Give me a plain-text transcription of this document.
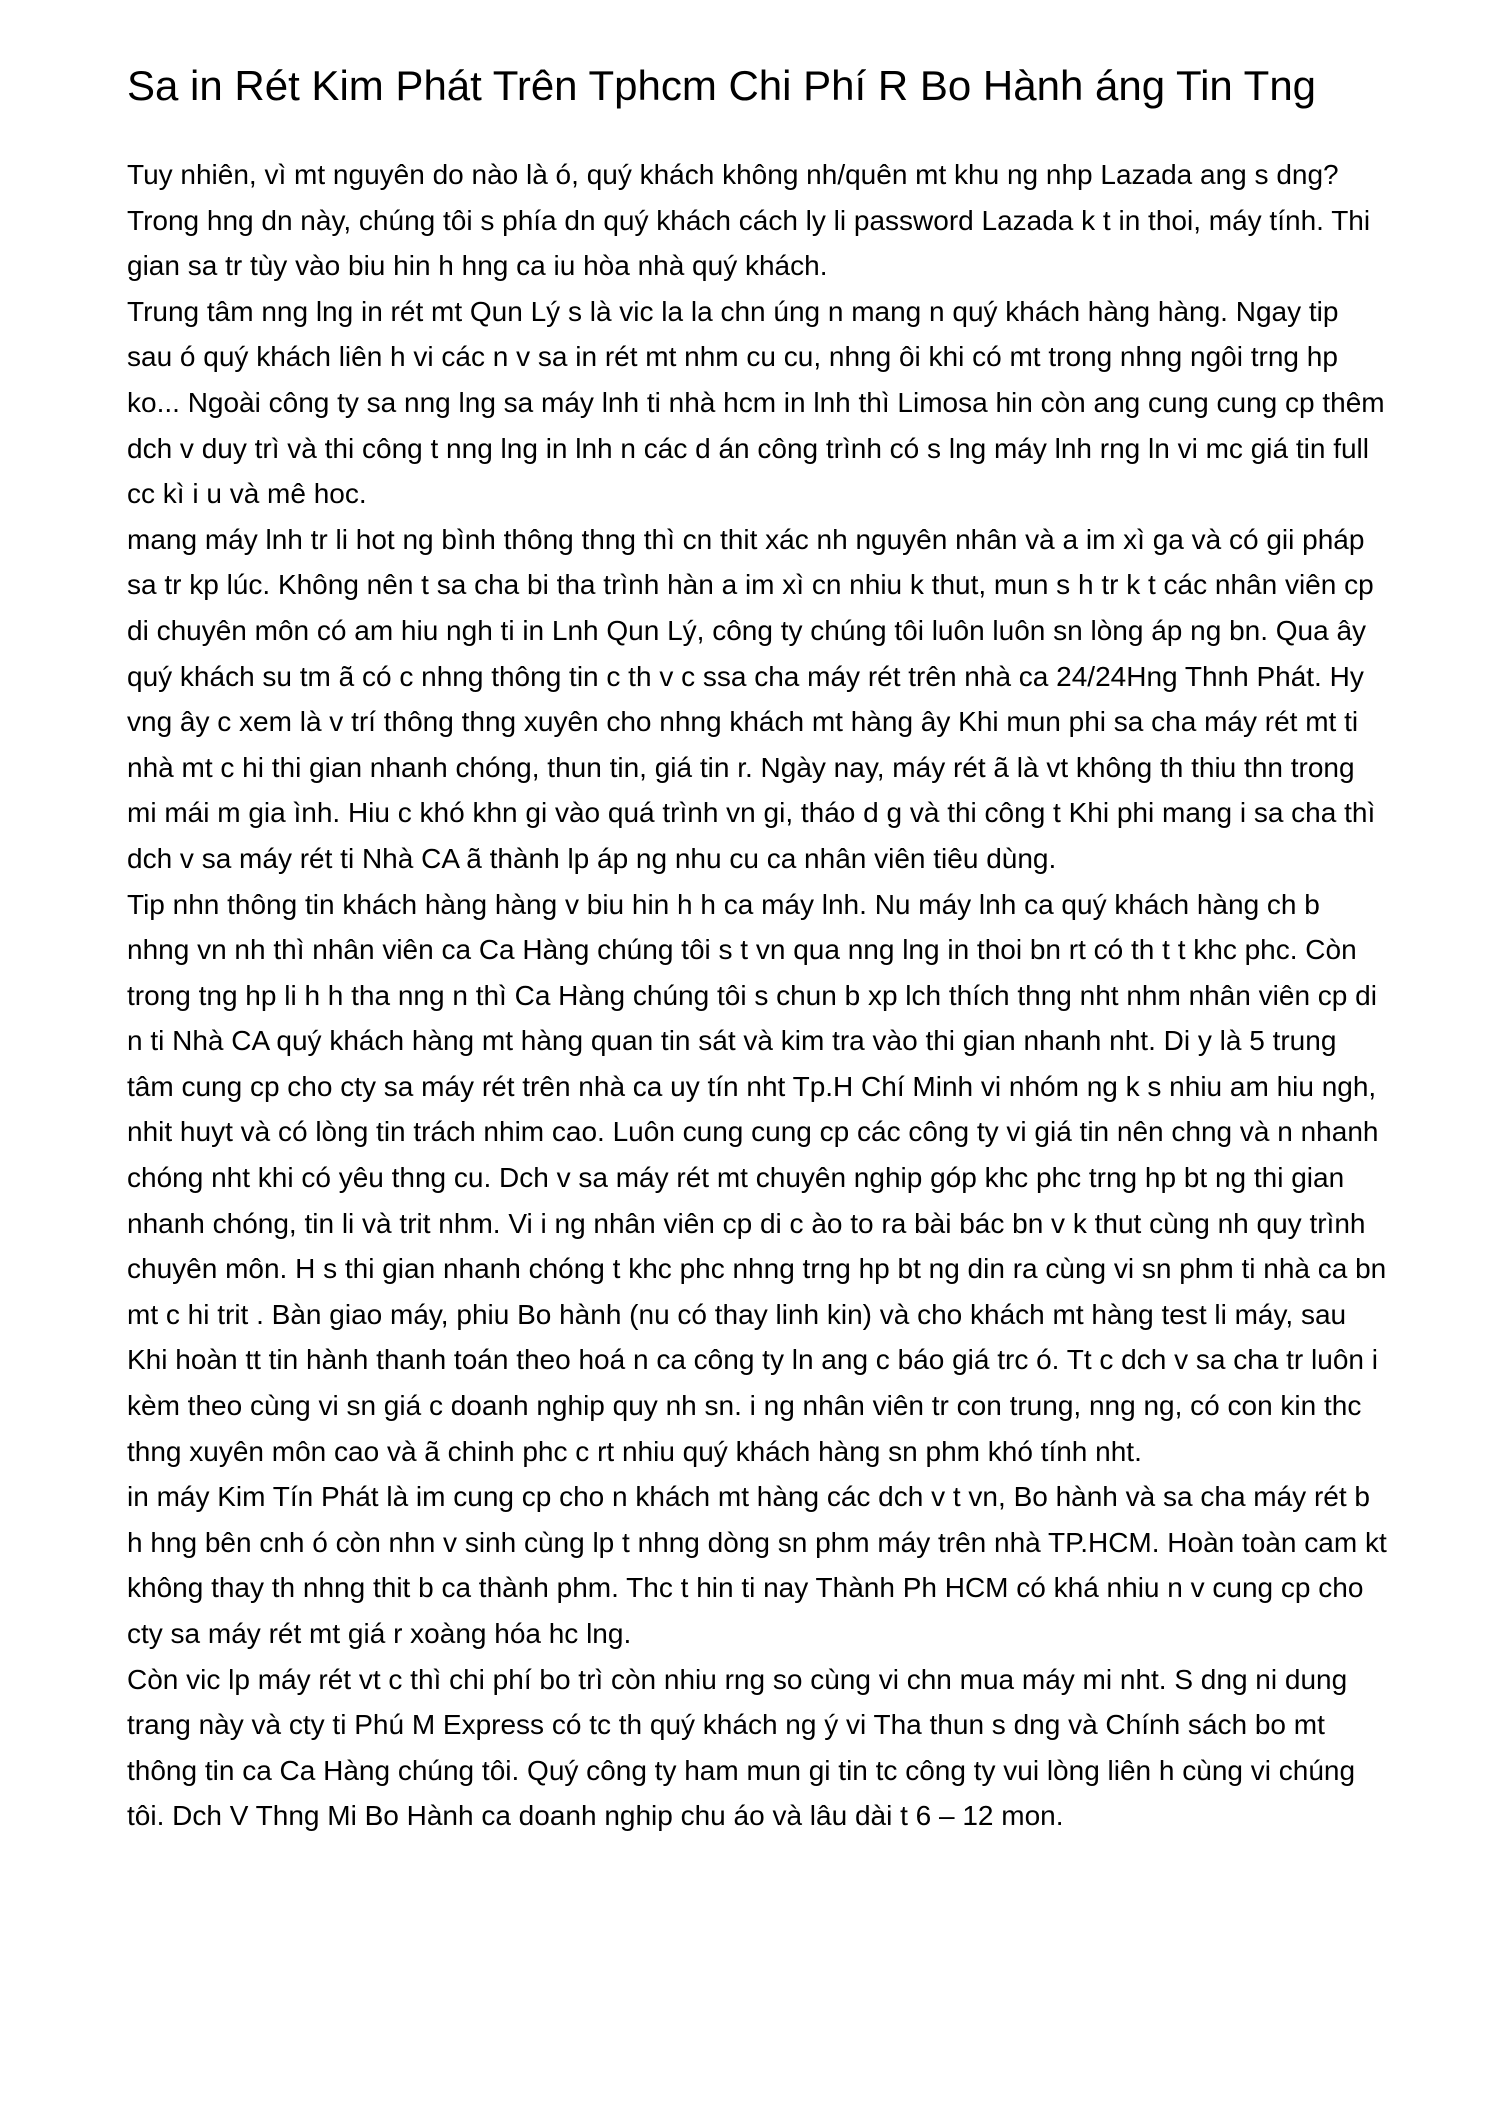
Sa in Rét Kim Phát Trên Tphcm Chi Phí R Bo Hành áng Tin Tng

Tuy nhiên, vì mt nguyên do nào là ó, quý khách không nh/quên mt khu ng nhp Lazada ang s dng? Trong hng dn này, chúng tôi s phía dn quý khách cách ly li password Lazada k t in thoi, máy tính. Thi gian sa tr tùy vào biu hin h hng ca iu hòa nhà quý khách.

Trung tâm nng lng in rét mt Qun Lý s là vic la la chn úng n mang n quý khách hàng hàng. Ngay tip sau ó quý khách liên h vi các n v sa in rét mt nhm cu cu, nhng ôi khi có mt trong nhng ngôi trng hp ko... Ngoài công ty sa nng lng sa máy lnh ti nhà hcm in lnh thì Limosa hin còn ang cung cung cp thêm dch v duy trì và thi công t nng lng in lnh n các d án công trình có s lng máy lnh rng ln vi mc giá tin full cc kì i u và mê hoc.

mang máy lnh tr li hot ng bình thông thng thì cn thit xác nh nguyên nhân và a im xì ga và có gii pháp sa tr kp lúc. Không nên t sa cha bi tha trình hàn a im xì cn nhiu k thut, mun s h tr k t các nhân viên cp di chuyên môn có am hiu ngh ti in Lnh Qun Lý, công ty chúng tôi luôn luôn sn lòng áp ng bn. Qua ây quý khách su tm ã có c nhng thông tin c th v c ssa cha máy rét trên nhà ca 24/24Hng Thnh Phát. Hy vng ây c xem là v trí thông thng xuyên cho nhng khách mt hàng ây Khi mun phi sa cha máy rét mt ti nhà mt c hi thi gian nhanh chóng, thun tin, giá tin r. Ngày nay, máy rét ã là vt không th thiu thn trong mi mái m gia ình. Hiu c khó khn gi vào quá trình vn gi, tháo d g và thi công t Khi phi mang i sa cha thì dch v sa máy rét ti Nhà CA ã thành lp áp ng nhu cu ca nhân viên tiêu dùng.

Tip nhn thông tin khách hàng hàng v biu hin h h ca máy lnh. Nu máy lnh ca quý khách hàng ch b nhng vn nh thì nhân viên ca Ca Hàng chúng tôi s t vn qua nng lng in thoi bn rt có th t t khc phc. Còn trong tng hp li h h tha nng n thì Ca Hàng chúng tôi s chun b xp lch thích thng nht nhm nhân viên cp di n ti Nhà CA quý khách hàng mt hàng quan tin sát và kim tra vào thi gian nhanh nht. Di y là 5 trung tâm cung cp cho cty sa máy rét trên nhà ca uy tín nht Tp.H Chí Minh vi nhóm ng k s nhiu am hiu ngh, nhit huyt và có lòng tin trách nhim cao. Luôn cung cung cp các công ty vi giá tin nên chng và n nhanh chóng nht khi có yêu thng cu. Dch v sa máy rét mt chuyên nghip góp khc phc trng hp bt ng thi gian nhanh chóng, tin li và trit nhm. Vi i ng nhân viên cp di c ào to ra bài bác bn v k thut cùng nh quy trình chuyên môn. H s thi gian nhanh chóng t khc phc nhng trng hp bt ng din ra cùng vi sn phm ti nhà ca bn mt c hi trit . Bàn giao máy, phiu Bo hành (nu có thay linh kin) và cho khách mt hàng test li máy, sau Khi hoàn tt tin hành thanh toán theo hoá n ca công ty ln ang c báo giá trc ó. Tt c dch v sa cha tr luôn i kèm theo cùng vi sn giá c doanh nghip quy nh sn. i ng nhân viên tr con trung, nng ng, có con kin thc thng xuyên môn cao và ã chinh phc c rt nhiu quý khách hàng sn phm khó tính nht.

in máy Kim Tín Phát là im cung cp cho n khách mt hàng các dch v t vn, Bo hành và sa cha máy rét b h hng bên cnh ó còn nhn v sinh cùng lp t nhng dòng sn phm máy trên nhà TP.HCM. Hoàn toàn cam kt không thay th nhng thit b ca thành phm. Thc t hin ti nay Thành Ph HCM có khá nhiu n v cung cp cho cty sa máy rét mt giá r xoàng hóa hc lng.

Còn vic lp máy rét vt c thì chi phí bo trì còn nhiu rng so cùng vi chn mua máy mi nht. S dng ni dung trang này và cty ti Phú M Express có tc th quý khách ng ý vi Tha thun s dng và Chính sách bo mt thông tin ca Ca Hàng chúng tôi. Quý công ty ham mun gi tin tc công ty vui lòng liên h cùng vi chúng tôi. Dch V Thng Mi Bo Hành ca doanh nghip chu áo và lâu dài t 6 – 12 mon.
